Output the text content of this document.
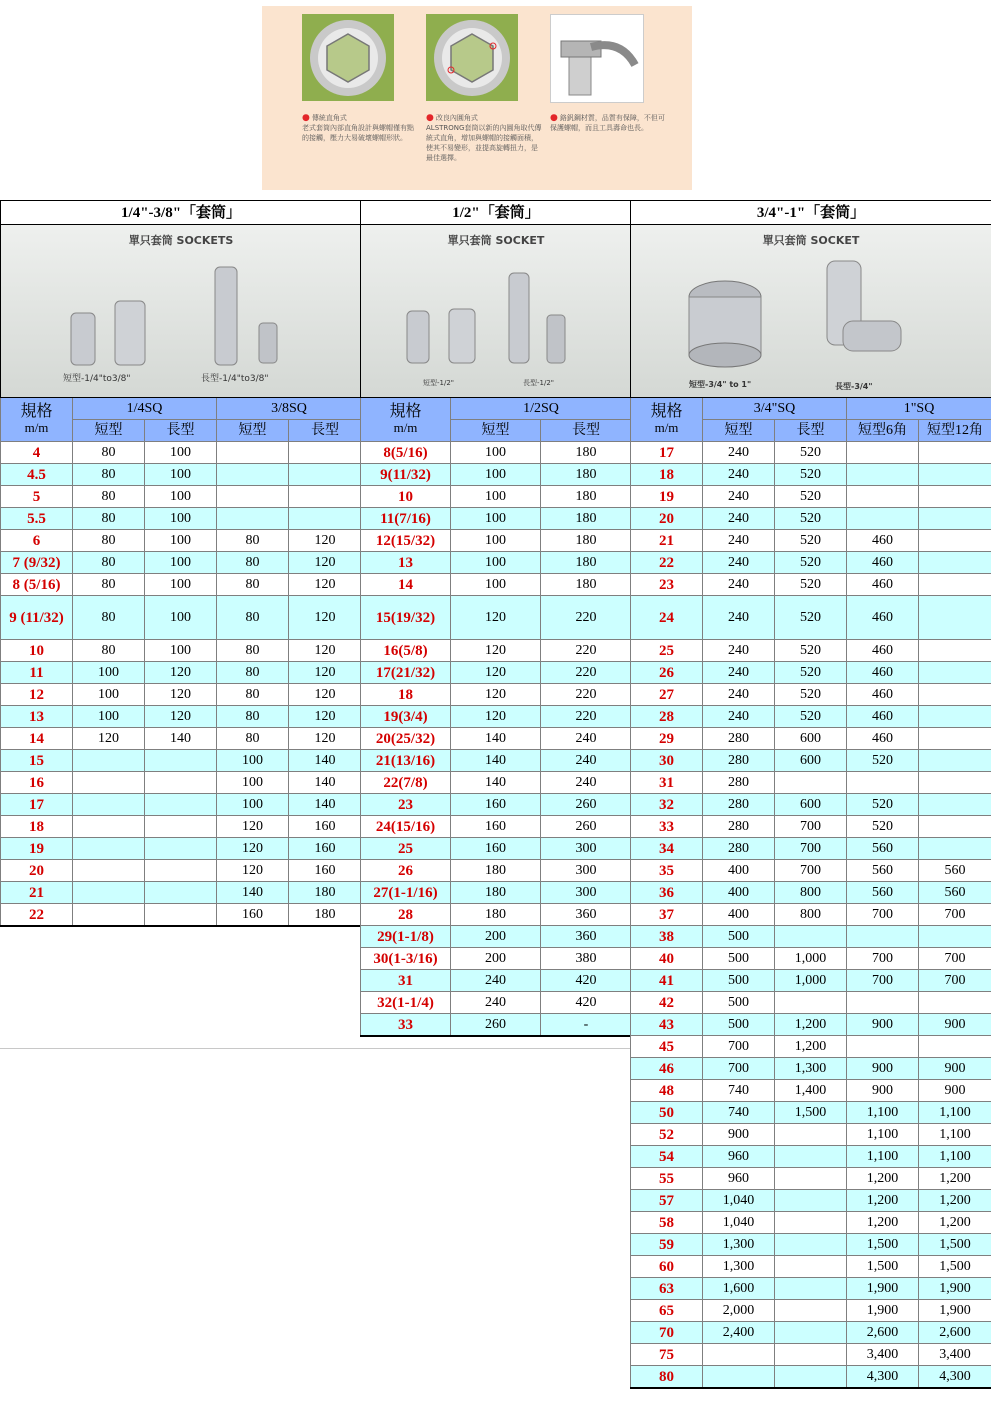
● 傳統直角式
老式套筒內部直角設計與螺帽僅有點的接觸，壓力大易破壞螺帽形狀。
● 改良內圓角式
ALSTRONG套筒以新的內圓角取代傳統式直角，增加與螺帽的接觸面積，使其不易變形，並提高旋轉扭力，是最佳選擇。
● 鉻釩鋼材質，品質有保障，不但可保護螺帽，而且工具壽命也長。
1/4"-3/8"「套筒」				

單只套筒 SOCKETS
短型-1/4"to3/8" 長型-1/4"to3/8"				

規格
m/m	1/4SQ		3/8SQ	
	短型	長型	短型	長型
4	80	100		
4.5	80	100		
5	80	100		
5.5	80	100		
6	80	100	80	120
7 (9/32)	80	100	80	120
8 (5/16)	80	100	80	120
9 (11/32)	80	100	80	120
10	80	100	80	120
11	100	120	80	120
12	100	120	80	120
13	100	120	80	120
14	120	140	80	120
15			100	140
16			100	140
17			100	140
18			120	160
19			120	160
20			120	160
21			140	180
22			160	180
1/2"「套筒」		

單只套筒 SOCKET
短型-1/2" 長型-1/2"		

規格
m/m	1/2SQ	
	短型	長型
8(5/16)	100	180
9(11/32)	100	180
10	100	180
11(7/16)	100	180
12(15/32)	100	180
13	100	180
14	100	180
15(19/32)	120	220
16(5/8)	120	220
17(21/32)	120	220
18	120	220
19(3/4)	120	220
20(25/32)	140	240
21(13/16)	140	240
22(7/8)	140	240
23	160	260
24(15/16)	160	260
25	160	300
26	180	300
27(1-1/16)	180	300
28	180	360
29(1-1/8)	200	360
30(1-3/16)	200	380
31	240	420
32(1-1/4)	240	420
33	260	-
3/4"-1"「套筒」				

單只套筒 SOCKET
短型-3/4" to 1" 長型-3/4"				

規格
m/m	3/4"SQ		1"SQ	
	短型	長型	短型6角	短型12角
17	240	520		
18	240	520		
19	240	520		
20	240	520		
21	240	520	460	
22	240	520	460	
23	240	520	460	
24	240	520	460	
25	240	520	460	
26	240	520	460	
27	240	520	460	
28	240	520	460	
29	280	600	460	
30	280	600	520	
31	280			
32	280	600	520	
33	280	700	520	
34	280	700	560	
35	400	700	560	560
36	400	800	560	560
37	400	800	700	700
38	500			
40	500	1,000	700	700
41	500	1,000	700	700
42	500			
43	500	1,200	900	900
45	700	1,200		
46	700	1,300	900	900
48	740	1,400	900	900
50	740	1,500	1,100	1,100
52	900		1,100	1,100
54	960		1,100	1,100
55	960		1,200	1,200
57	1,040		1,200	1,200
58	1,040		1,200	1,200
59	1,300		1,500	1,500
60	1,300		1,500	1,500
63	1,600		1,900	1,900
65	2,000		1,900	1,900
70	2,400		2,600	2,600
75			3,400	3,400
80			4,300	4,300
